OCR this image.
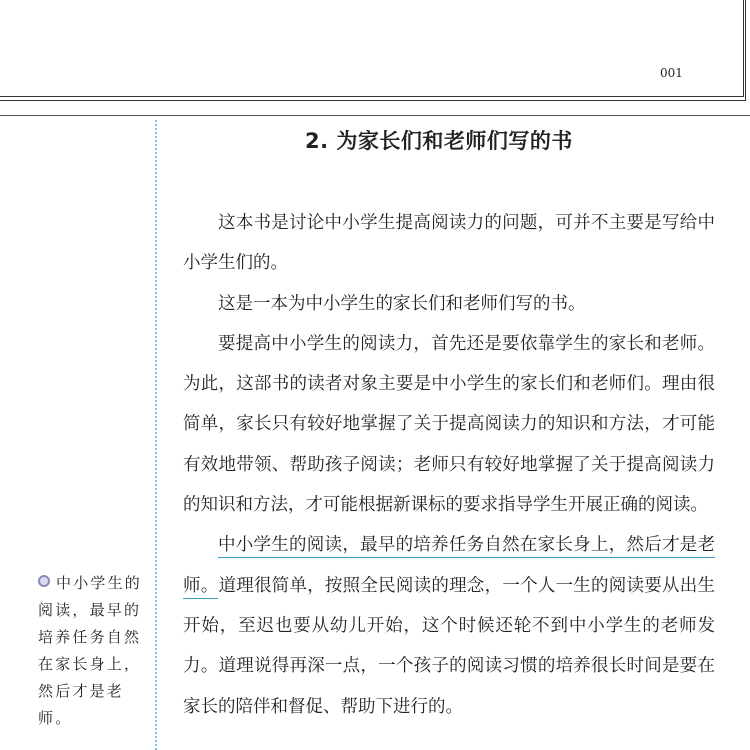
001
2. 为家长们和老师们写的书

这本书是讨论中小学生提高阅读力的问题，可并不主要是写给中小学生们的。

这是一本为中小学生的家长们和老师们写的书。

要提高中小学生的阅读力，首先还是要依靠学生的家长和老师。为此，这部书的读者对象主要是中小学生的家长们和老师们。理由很简单，家长只有较好地掌握了关于提高阅读力的知识和方法，才可能有效地带领、帮助孩子阅读；老师只有较好地掌握了关于提高阅读力的知识和方法，才可能根据新课标的要求指导学生开展正确的阅读。

中小学生的阅读，最早的培养任务自然在家长身上，然后才是老师。道理很简单，按照全民阅读的理念，一个人一生的阅读要从出生开始，至迟也要从幼儿开始，这个时候还轮不到中小学生的老师发力。道理说得再深一点，一个孩子的阅读习惯的培养很长时间是要在家长的陪伴和督促、帮助下进行的。

中小学生的阅读，最早的培养任务自然在家长身上，然后才是老师。
